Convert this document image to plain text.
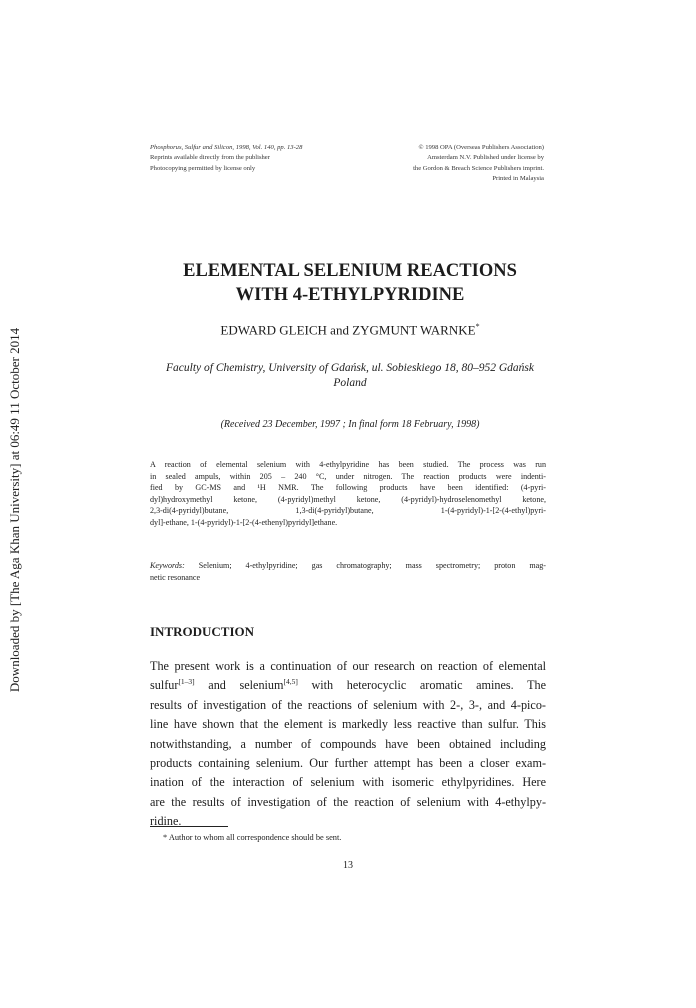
Downloaded by [The Aga Khan University] at 06:49 11 October 2014
Phosphorus, Sulfur and Silicon, 1998, Vol. 140, pp. 13-28
Reprints available directly from the publisher
Photocopying permitted by license only
© 1998 OPA (Overseas Publishers Association)
Amsterdam N.V. Published under license by
the Gordon & Breach Science Publishers imprint.
Printed in Malaysia
ELEMENTAL SELENIUM REACTIONS
WITH 4-ETHYLPYRIDINE
EDWARD GLEICH and ZYGMUNT WARNKE*
Faculty of Chemistry, University of Gdańsk, ul. Sobieskiego 18, 80–952 Gdańsk
Poland
(Received 23 December, 1997 ; In final form 18 February, 1998)
A reaction of elemental selenium with 4-ethylpyridine has been studied. The process was run
in sealed ampuls, within 205 – 240 °C, under nitrogen. The reaction products were indenti-
fied by GC-MS and ¹H NMR. The following products have been identified: (4-pyri-
dyl)hydroxymethyl ketone, (4-pyridyl)methyl ketone, (4-pyridyl)-hydroselenomethyl ketone,
2,3-di(4-pyridyl)butane, 1,3-di(4-pyridyl)butane, 1-(4-pyridyl)-1-[2-(4-ethyl)pyri-
dyl]-ethane, 1-(4-pyridyl)-1-[2-(4-ethenyl)pyridyl]ethane.
Keywords: Selenium; 4-ethylpyridine; gas chromatography; mass spectrometry; proton mag-
netic resonance
INTRODUCTION
The present work is a continuation of our research on reaction of elemental
sulfur[1–3] and selenium[4,5] with heterocyclic aromatic amines. The
results of investigation of the reactions of selenium with 2-, 3-, and 4-pico-
line have shown that the element is markedly less reactive than sulfur. This
notwithstanding, a number of compounds have been obtained including
products containing selenium. Our further attempt has been a closer exam-
ination of the interaction of selenium with isomeric ethylpyridines. Here
are the results of investigation of the reaction of selenium with 4-ethylpy-
ridine.
* Author to whom all correspondence should be sent.
13
